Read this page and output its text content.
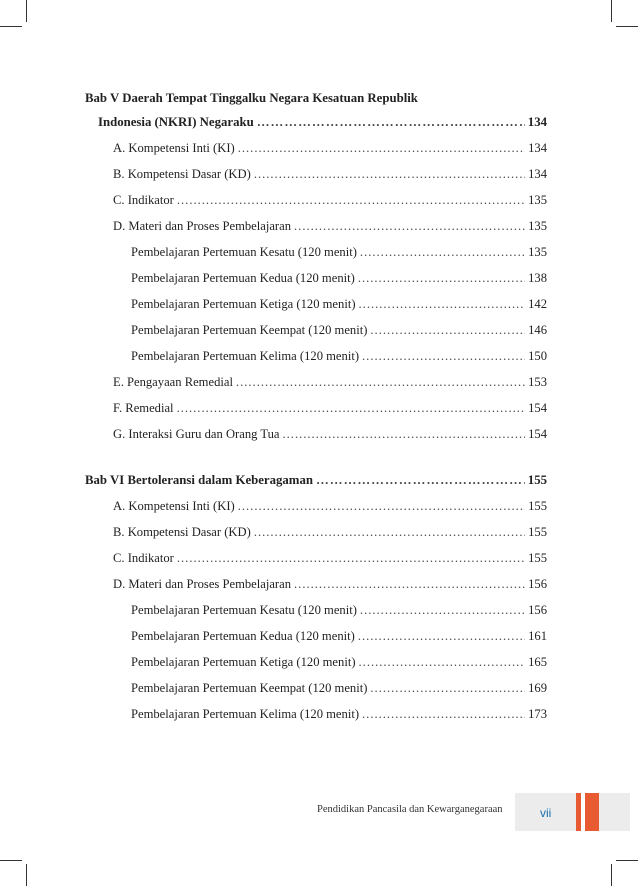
Bab V Daerah Tempat Tinggalku Negara Kesatuan Republik
Indonesia (NKRI) Negaraku …………………………………………………………………………………………………………………………………………………………………	134
A. Kompetensi Inti (KI) .....	134
B. Kompetensi Dasar (KD) .....	134
C. Indikator .....	135
D. Materi dan Proses Pembelajaran .....	135
Pembelajaran Pertemuan Kesatu (120 menit) .....	135
Pembelajaran Pertemuan Kedua (120 menit) .....	138
Pembelajaran Pertemuan Ketiga (120 menit) .....	142
Pembelajaran Pertemuan Keempat (120 menit) .....	146
Pembelajaran Pertemuan Kelima (120 menit) .....	150
E. Pengayaan Remedial .....	153
F. Remedial .....	154
G. Interaksi Guru dan Orang Tua .....	154
Bab VI Bertoleransi dalam Keberagaman …………………………………………………………………………………………………………………………………………………………………	155
A. Kompetensi Inti (KI) .....	155
B. Kompetensi Dasar (KD) .....	155
C. Indikator .....	155
D. Materi dan Proses Pembelajaran .....	156
Pembelajaran Pertemuan Kesatu (120 menit) .....	156
Pembelajaran Pertemuan Kedua (120 menit) .....	161
Pembelajaran Pertemuan Ketiga (120 menit) .....	165
Pembelajaran Pertemuan Keempat (120 menit) .....	169
Pembelajaran Pertemuan Kelima (120 menit) .....	173
Pendidikan Pancasila dan Kewarganegaraan	vii
